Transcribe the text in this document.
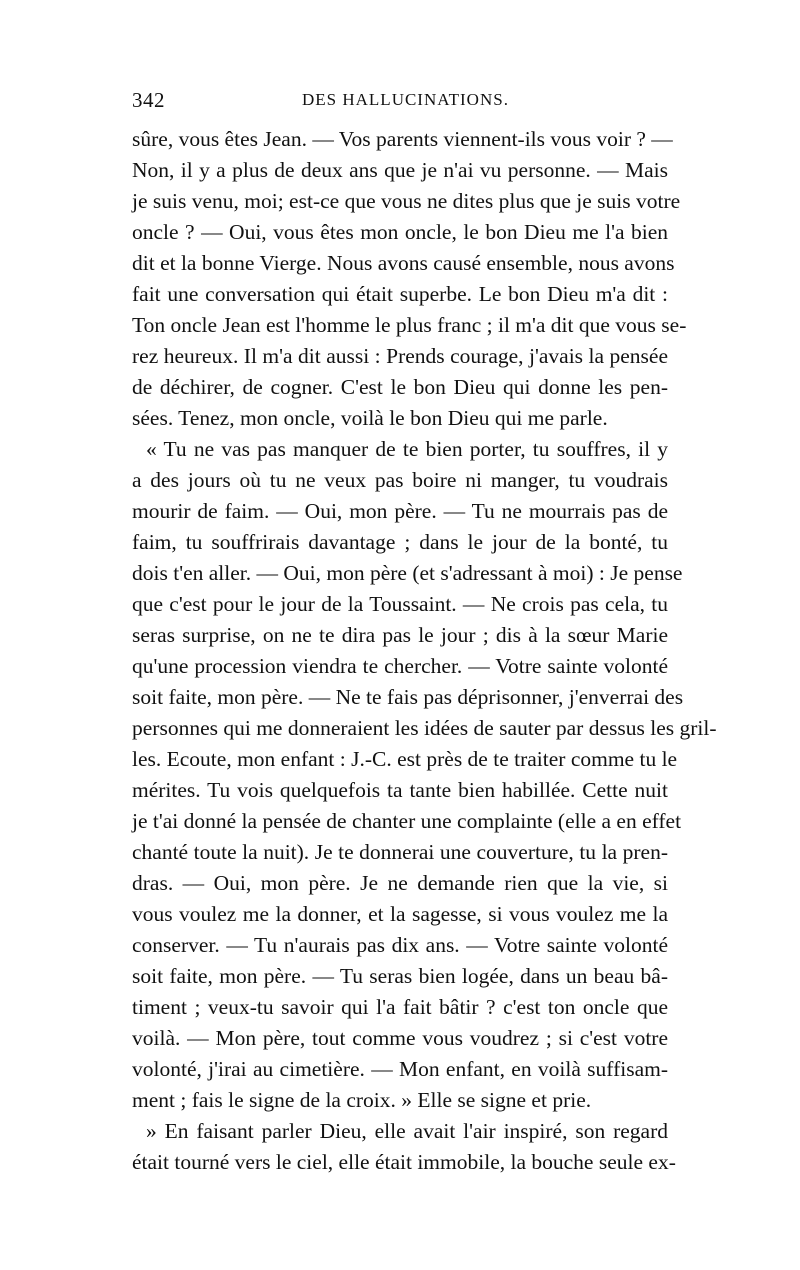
342	DES HALLUCINATIONS.
sûre, vous êtes Jean. — Vos parents viennent-ils vous voir ? —
Non, il y a plus de deux ans que je n'ai vu personne. — Mais
je suis venu, moi; est-ce que vous ne dites plus que je suis votre
oncle ? — Oui, vous êtes mon oncle, le bon Dieu me l'a bien
dit et la bonne Vierge. Nous avons causé ensemble, nous avons
fait une conversation qui était superbe. Le bon Dieu m'a dit :
Ton oncle Jean est l'homme le plus franc ; il m'a dit que vous se-
rez heureux. Il m'a dit aussi : Prends courage, j'avais la pensée
de déchirer, de cogner. C'est le bon Dieu qui donne les pen-
sées. Tenez, mon oncle, voilà le bon Dieu qui me parle.
« Tu ne vas pas manquer de te bien porter, tu souffres, il y
a des jours où tu ne veux pas boire ni manger, tu voudrais
mourir de faim. — Oui, mon père. — Tu ne mourrais pas de
faim, tu souffrirais davantage ; dans le jour de la bonté, tu
dois t'en aller. — Oui, mon père (et s'adressant à moi) : Je pense
que c'est pour le jour de la Toussaint. — Ne crois pas cela, tu
seras surprise, on ne te dira pas le jour ; dis à la sœur Marie
qu'une procession viendra te chercher. — Votre sainte volonté
soit faite, mon père. — Ne te fais pas déprisonner, j'enverrai des
personnes qui me donneraient les idées de sauter par dessus les gril-
les. Ecoute, mon enfant : J.-C. est près de te traiter comme tu le
mérites. Tu vois quelquefois ta tante bien habillée. Cette nuit
je t'ai donné la pensée de chanter une complainte (elle a en effet
chanté toute la nuit). Je te donnerai une couverture, tu la pren-
dras. — Oui, mon père. Je ne demande rien que la vie, si
vous voulez me la donner, et la sagesse, si vous voulez me la
conserver. — Tu n'aurais pas dix ans. — Votre sainte volonté
soit faite, mon père. — Tu seras bien logée, dans un beau bâ-
timent ; veux-tu savoir qui l'a fait bâtir ? c'est ton oncle que
voilà. — Mon père, tout comme vous voudrez ; si c'est votre
volonté, j'irai au cimetière. — Mon enfant, en voilà suffisam-
ment ; fais le signe de la croix. » Elle se signe et prie.
» En faisant parler Dieu, elle avait l'air inspiré, son regard
était tourné vers le ciel, elle était immobile, la bouche seule ex-
